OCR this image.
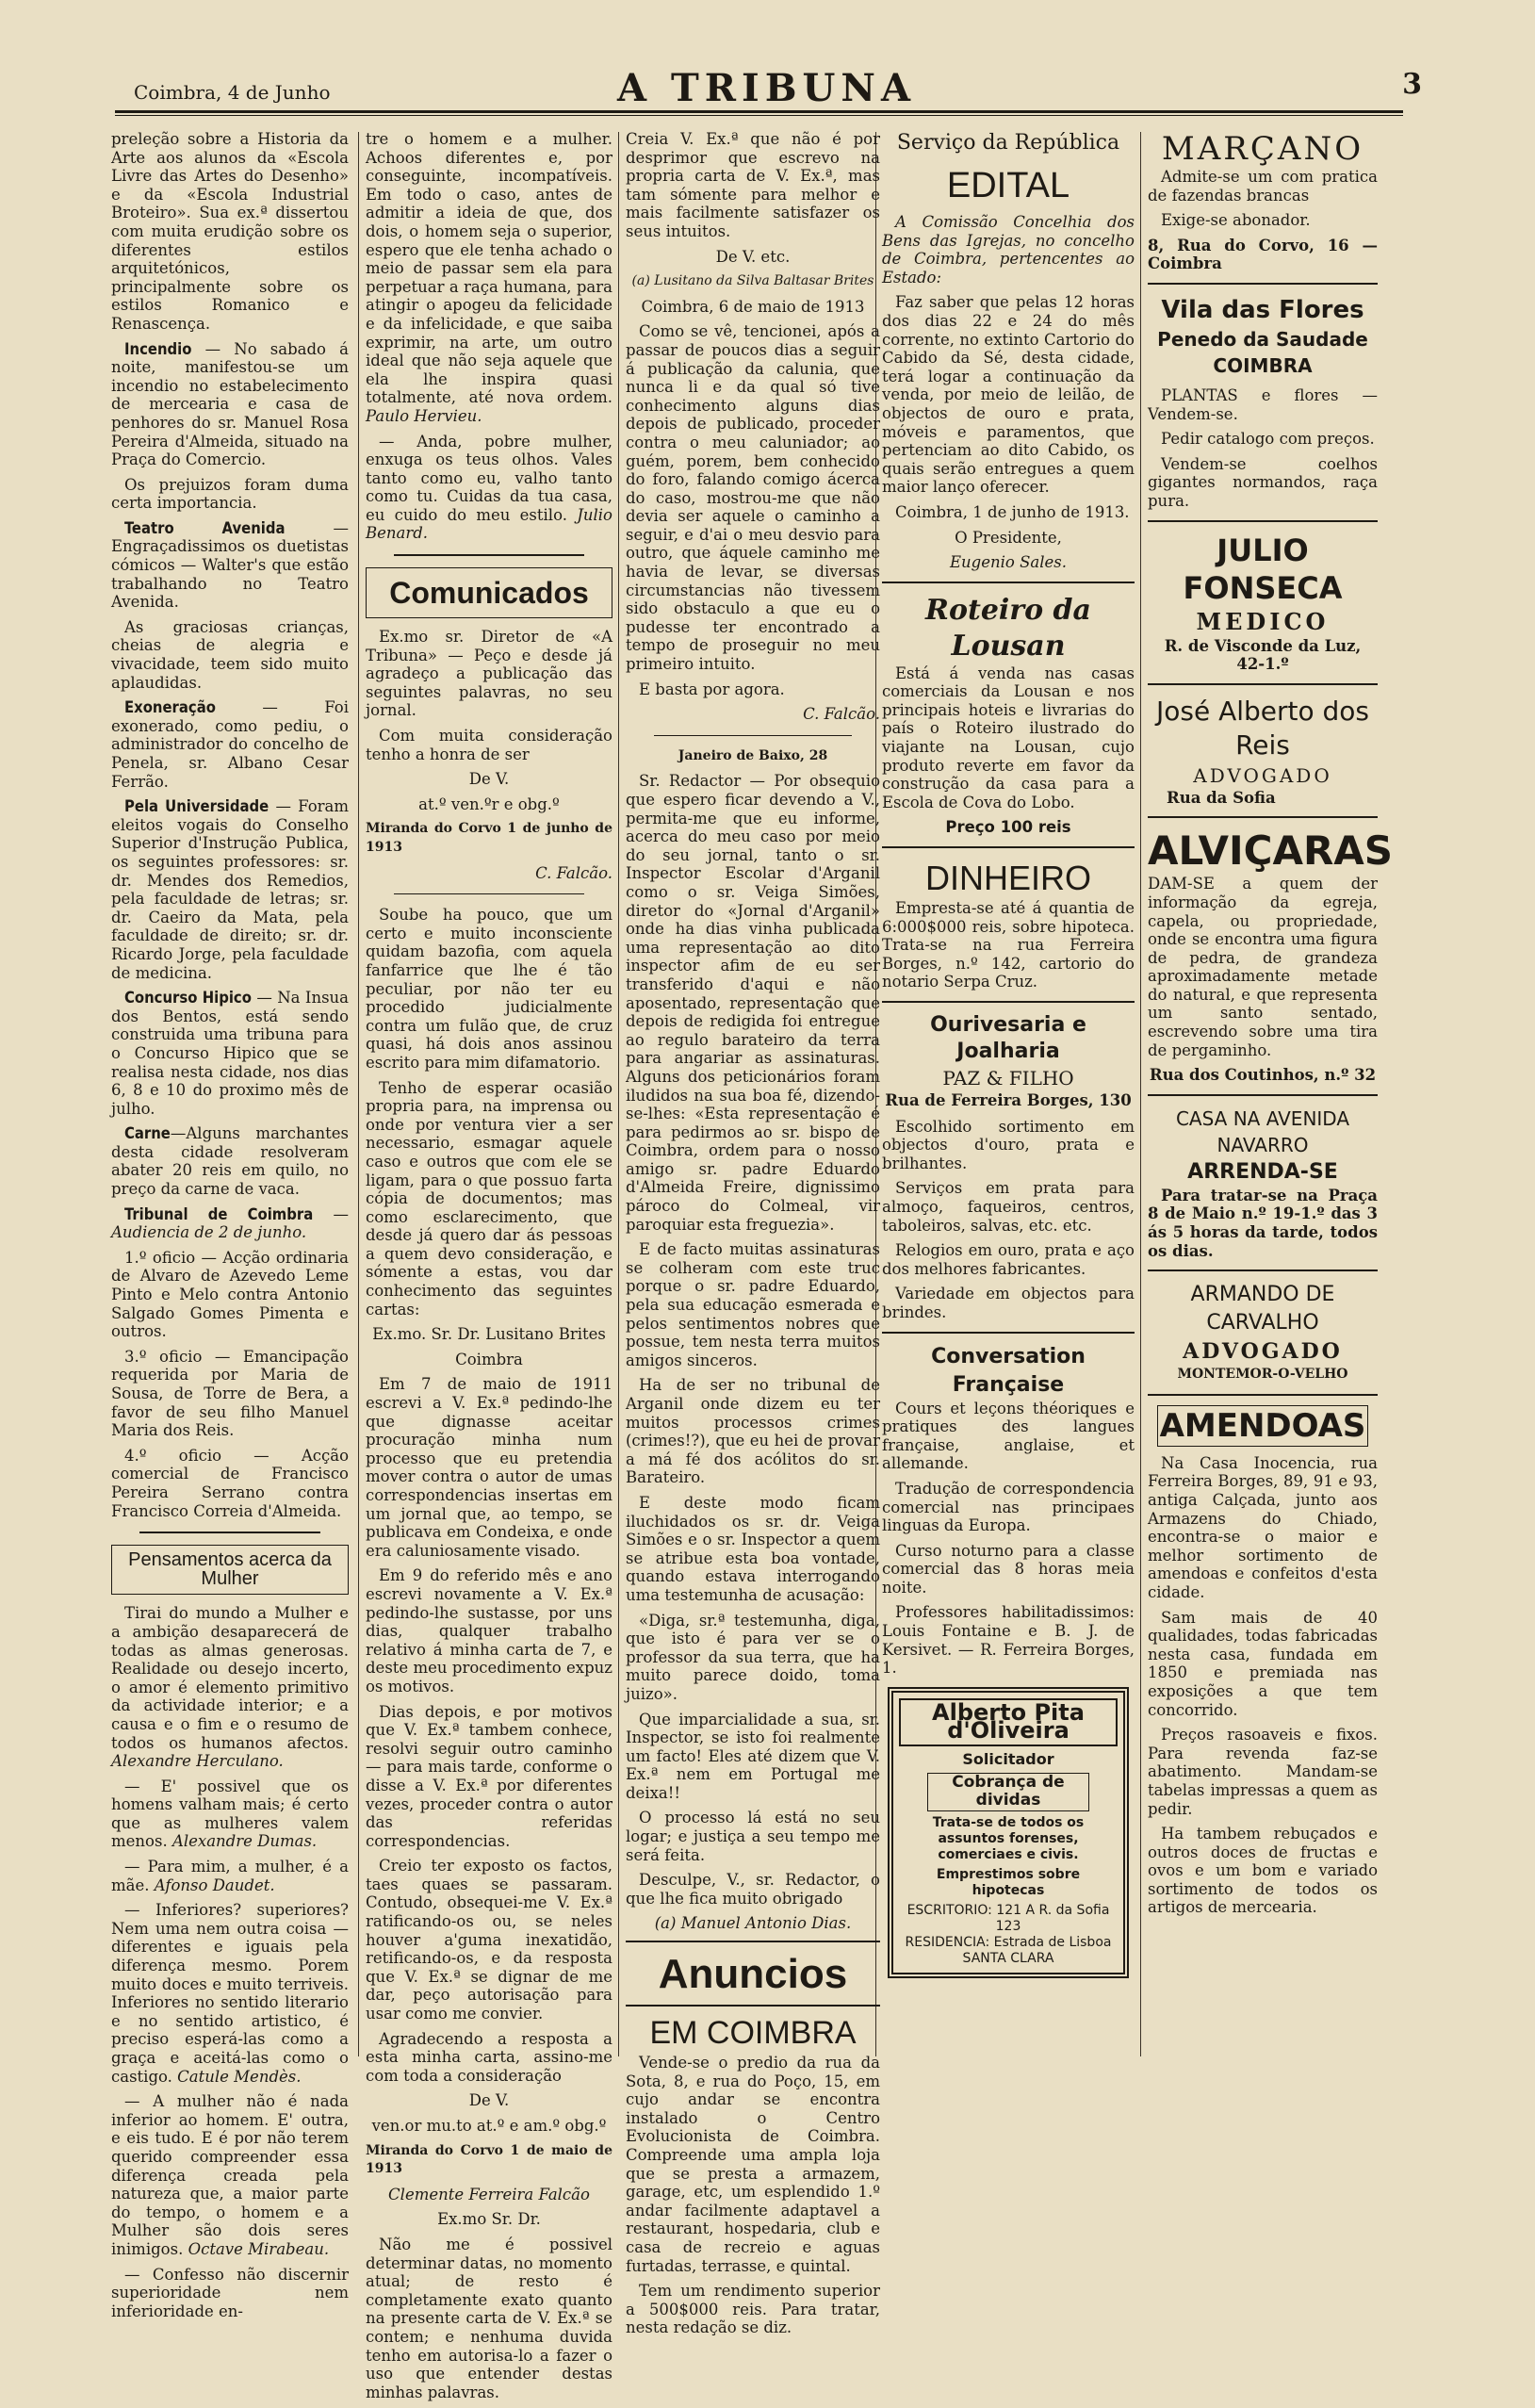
Coimbra, 4 de Junho	A TRIBUNA	3

preleção sobre a Historia da Arte aos alunos da «Escola Livre das Artes do Desenho» e da «Escola Industrial Broteiro». Sua ex.ª dissertou com muita erudição sobre os diferentes estilos arquitetónicos, principalmente sobre os estilos Romanico e Renascença.

Incendio — No sabado á noite, manifestou-se um incendio no estabelecimento de mercearia e casa de penhores do sr. Manuel Rosa Pereira d'Almeida, situado na Praça do Comercio.

Os prejuizos foram duma certa importancia.

Teatro Avenida	— Engraçadissimos os duetistas cómicos — Walter's que estão trabalhando no Teatro Avenida.

As graciosas crianças, cheias de alegria e vivacidade, teem sido muito aplaudidas.

Exoneração	— Foi exonerado, como pediu, o administrador do concelho de Penela, sr. Albano Cesar Ferrão.

Pela Universidade — Foram eleitos vogais do Conselho Superior d'Instrução Publica, os seguintes professores: sr. dr. Mendes dos Remedios, pela faculdade de letras; sr. dr. Caeiro da Mata, pela faculdade de direito; sr. dr. Ricardo Jorge, pela faculdade de medicina.

Concurso Hipico — Na Insua dos Bentos, está sendo construida uma tribuna para o Concurso Hipico que se realisa nesta cidade, nos dias 6, 8 e 10 do proximo mês de julho.

Carne—Alguns marchantes desta cidade resolveram abater 20 reis em quilo, no preço da carne de vaca.

Tribunal de Coimbra — Audiencia de 2 de junho.

1.º oficio — Acção ordinaria de Alvaro de Azevedo Leme Pinto e Melo contra Antonio Salgado Gomes Pimenta e outros.

3.º oficio — Emancipação requerida por Maria de Sousa, de Torre de Bera, a favor de seu filho Manuel Maria dos Reis.

4.º oficio — Acção comercial de Francisco Pereira Serrano contra Francisco Correia d'Almeida.

Pensamentos acerca da Mulher

Tirai do mundo a Mulher e a ambição desaparecerá de todas as almas generosas. Realidade ou desejo incerto, o amor é elemento primitivo da actividade interior; e a causa e o fim e o resumo de todos os humanos afectos. Alexandre Herculano.

— E' possivel que os homens valham mais; é certo que as mulheres valem menos. Alexandre Dumas.

— Para mim, a mulher, é a mãe. Afonso Daudet.

— Inferiores? superiores? Nem uma nem outra coisa — diferentes e iguais pela diferença mesmo. Porem muito doces e muito terriveis. Inferiores no sentido literario e no sentido artistico, é preciso esperá-las como a graça e aceitá-las como o castigo. Catule Mendès.

— A mulher não é nada inferior ao homem. E' outra, e eis tudo. E é por não terem querido compreender essa diferença creada pela natureza que, a maior parte do tempo, o homem e a Mulher são dois seres inimigos. Octave Mirabeau.

— Confesso não discernir superioridade nem inferioridade en-

tre o homem e a mulher. Achoos diferentes e, por conseguinte, incompatíveis. Em todo o caso, antes de admitir a ideia de que, dos dois, o homem seja o superior, espero que ele tenha achado o meio de passar sem ela para perpetuar a raça humana, para atingir o apogeu da felicidade e da infelicidade, e que saiba exprimir, na arte, um outro ideal que não seja aquele que ela lhe inspira quasi totalmente, até nova ordem. Paulo Hervieu.

— Anda, pobre mulher, enxuga os teus olhos. Vales tanto como eu, valho tanto como tu. Cuidas da tua casa, eu cuido do meu estilo. Julio Benard.

Comunicados

Ex.mo sr. Diretor de «A Tribuna» — Peço e desde já agradeço a publicação das seguintes palavras, no seu jornal.

Com muita consideração tenho a honra de ser

De V.

at.º ven.ºr e obg.º

Miranda do Corvo 1 de junho de 1913

C. Falcão.

Soube ha pouco, que um certo e muito inconsciente quidam bazofia, com aquela fanfarrice que lhe é tão peculiar, por não ter eu procedido judicialmente contra um fulão que, de cruz quasi, há dois anos assinou escrito para mim difamatorio.

Tenho de esperar ocasião propria para, na imprensa ou onde por ventura vier a ser necessario, esmagar aquele caso e outros que com ele se ligam, para o que possuo farta cópia de documentos; mas como esclarecimento, que desde já quero dar ás pessoas a quem devo consideração, e sómente a estas, vou dar conhecimento das seguintes cartas:

Ex.mo. Sr. Dr. Lusitano Brites

Coimbra

Em 7 de maio de 1911 escrevi a V. Ex.ª pedindo-lhe que dignasse aceitar procuração minha num processo que eu pretendia mover contra o autor de umas correspondencias insertas em um jornal que, ao tempo, se publicava em Condeixa, e onde era caluniosamente visado.

Em 9 do referido mês e ano escrevi novamente a V. Ex.ª pedindo-lhe sustasse, por uns dias, qualquer trabalho relativo á minha carta de 7, e deste meu procedimento expuz os motivos.

Dias depois, e por motivos que V. Ex.ª tambem conhece, resolvi seguir outro caminho — para mais tarde, conforme o disse a V. Ex.ª por diferentes vezes, proceder contra o autor das referidas correspondencias.

Creio ter exposto os factos, taes quaes se passaram. Contudo, obsequei-me V. Ex.ª ratificando-os ou, se neles houver a'guma inexatidão, retificando-os, e da resposta que V. Ex.ª se dignar de me dar, peço autorisação para usar como me convier.

Agradecendo a resposta a esta minha carta, assino-me com toda a consideração

De V.

ven.or mu.to at.º e am.º obg.º

Miranda do Corvo 1 de maio de 1913

Clemente Ferreira Falcão

Ex.mo Sr. Dr.

Não me é possivel determinar datas, no momento atual; de resto é completamente exato quanto na presente carta de V. Ex.ª se contem; e nenhuma duvida tenho em autorisa-lo a fazer o uso que entender destas minhas palavras.

Creia V. Ex.ª que não é por desprimor que escrevo na propria carta de V. Ex.ª, mas tam sómente para melhor e mais facilmente satisfazer os seus intuitos.

De V. etc.

(a) Lusitano da Silva Baltasar Brites

Coimbra, 6 de maio de 1913

Como se vê, tencionei, após a passar de poucos dias a seguir á publicação da calunia, que nunca li e da qual só tive conhecimento alguns dias depois de publicado, proceder contra o meu caluniador; ao guém, porem, bem conhecido do foro, falando comigo ácerca do caso, mostrou-me que não devia ser aquele o caminho a seguir, e d'ai o meu desvio para outro, que áquele caminho me havia de levar, se diversas circumstancias não tivessem sido obstaculo a que eu o pudesse ter encontrado a tempo de proseguir no meu primeiro intuito.

E basta por agora.

C. Falcão.

Janeiro de Baixo, 28

Sr. Redactor — Por obsequio que espero ficar devendo a V., permita-me que eu informe, acerca do meu caso por meio do seu jornal, tanto o sr. Inspector Escolar d'Arganil como o sr. Veiga Simões, diretor do «Jornal d'Arganil» onde ha dias vinha publicada uma representação ao dito inspector afim de eu ser transferido d'aqui e não aposentado, representação que depois de redigida foi entregue ao regulo barateiro da terra para angariar as assinaturas. Alguns dos peticionários foram iludidos na sua boa fé, dizendo-se-lhes: «Esta representação é para pedirmos ao sr. bispo de Coimbra, ordem para o nosso amigo sr. padre Eduardo d'Almeida Freire, dignissimo pároco do Colmeal, vir paroquiar esta freguezia».

E de facto muitas assinaturas se colheram com este truc porque o sr. padre Eduardo, pela sua educação esmerada e pelos sentimentos nobres que possue, tem nesta terra muitos amigos sinceros.

Ha de ser no tribunal de Arganil onde dizem eu ter muitos processos crimes (crimes!?), que eu hei de provar a má fé dos acólitos do sr. Barateiro.

E deste modo ficam iluchidados os sr. dr. Veiga Simões e o sr. Inspector a quem se atribue esta boa vontade, quando estava interrogando uma testemunha de acusação:

«Diga, sr.ª testemunha, diga, que isto é para ver se o professor da sua terra, que ha muito parece doido, toma juizo».

Que imparcialidade a sua, sr. Inspector, se isto foi realmente um facto! Eles até dizem que V. Ex.ª nem em Portugal me deixa!!

O processo lá está no seu logar; e justiça a seu tempo me será feita.

Desculpe, V., sr. Redactor, o que lhe fica muito obrigado

(a) Manuel Antonio Dias.

Anuncios
EM COIMBRA

Vende-se o predio da rua da Sota, 8, e rua do Poço, 15, em cujo andar se encontra instalado o Centro Evolucionista de Coimbra. Compreende uma ampla loja que se presta a armazem, garage, etc, um esplendido 1.º andar facilmente adaptavel a restaurant, hospedaria, club e casa de recreio e aguas furtadas, terrasse, e quintal.

Tem um rendimento superior a 500$000 reis. Para tratar, nesta redação se diz.

Serviço da República
EDITAL

A Comissão Concelhia dos Bens das Igrejas, no concelho de Coimbra, pertencentes ao Estado:

Faz saber que pelas 12 horas dos dias 22 e 24 do mês corrente, no extinto Cartorio do Cabido da Sé, desta cidade, terá logar a continuação da venda, por meio de leilão, de objectos de ouro e prata, móveis e paramentos, que pertenciam ao dito Cabido, os quais serão entregues a quem maior lanço oferecer.

Coimbra, 1 de junho de 1913.

O Presidente,

Eugenio Sales.

Roteiro da Lousan

Está á venda nas casas comerciais da Lousan e nos principais hoteis e livrarias do país o Roteiro ilustrado do viajante na Lousan, cujo produto reverte em favor da construção da casa para a Escola de Cova do Lobo.

Preço 100 reis

DINHEIRO

Empresta-se até á quantia de 6:000$000 reis, sobre hipoteca. Trata-se na rua Ferreira Borges, n.º 142, cartorio do notario Serpa Cruz.

Ourivesaria e Joalharia
PAZ & FILHO
Rua de Ferreira Borges, 130

Escolhido sortimento em objectos d'ouro, prata e brilhantes.

Serviços em prata para almoço, faqueiros, centros, taboleiros, salvas, etc. etc.

Relogios em ouro, prata e aço dos melhores fabricantes.

Variedade em objectos para brindes.

Conversation Française

Cours et leçons théoriques e pratiques des langues française, anglaise, et allemande.

Tradução de correspondencia comercial nas principaes linguas da Europa.

Curso noturno para a classe comercial das 8 horas meia noite.

Professores habilitadissimos: Louis Fontaine e B. J. de Kersivet. — R. Ferreira Borges, 1.

Alberto Pita d'Oliveira
Solicitador
Cobrança de dividas
Trata-se de todos os assuntos forenses, comerciaes e civis.
Emprestimos sobre hipotecas
ESCRITORIO: 121 A R. da Sofia 123
RESIDENCIA: Estrada de Lisboa
SANTA CLARA
MARÇANO

Admite-se um com pratica de fazendas brancas

Exige-se abonador.

8, Rua do Corvo, 16 — Coimbra

Vila das Flores
Penedo da Saudade COIMBRA

PLANTAS e flores — Vendem-se.

Pedir catalogo com preços.

Vendem-se coelhos gigantes normandos, raça pura.

JULIO FONSECA
MEDICO

R. de Visconde da Luz, 42-1.º

José Alberto dos Reis
ADVOGADO

Rua da Sofia

ALVIÇARAS

DAM-SE a quem der informação da egreja, capela, ou propriedade, onde se encontra uma figura de pedra, de grandeza aproximadamente metade do natural, e que representa um santo sentado, escrevendo sobre uma tira de pergaminho.

Rua dos Coutinhos, n.º 32

CASA NA AVENIDA NAVARRO
ARRENDA-SE

Para tratar-se na Praça 8 de Maio n.º 19-1.º das 3 ás 5 horas da tarde, todos os dias.

ARMANDO DE CARVALHO
ADVOGADO

MONTEMOR-O-VELHO

AMENDOAS

Na Casa Inocencia, rua Ferreira Borges, 89, 91 e 93, antiga Calçada, junto aos Armazens do Chiado, encontra-se o maior e melhor sortimento de amendoas e confeitos d'esta cidade.

Sam mais de 40 qualidades, todas fabricadas nesta casa, fundada em 1850 e premiada nas exposições a que tem concorrido.

Preços rasoaveis e fixos. Para revenda faz-se abatimento. Mandam-se tabelas impressas a quem as pedir.

Ha tambem rebuçados e outros doces de fructas e ovos e um bom e variado sortimento de todos os artigos de mercearia.
